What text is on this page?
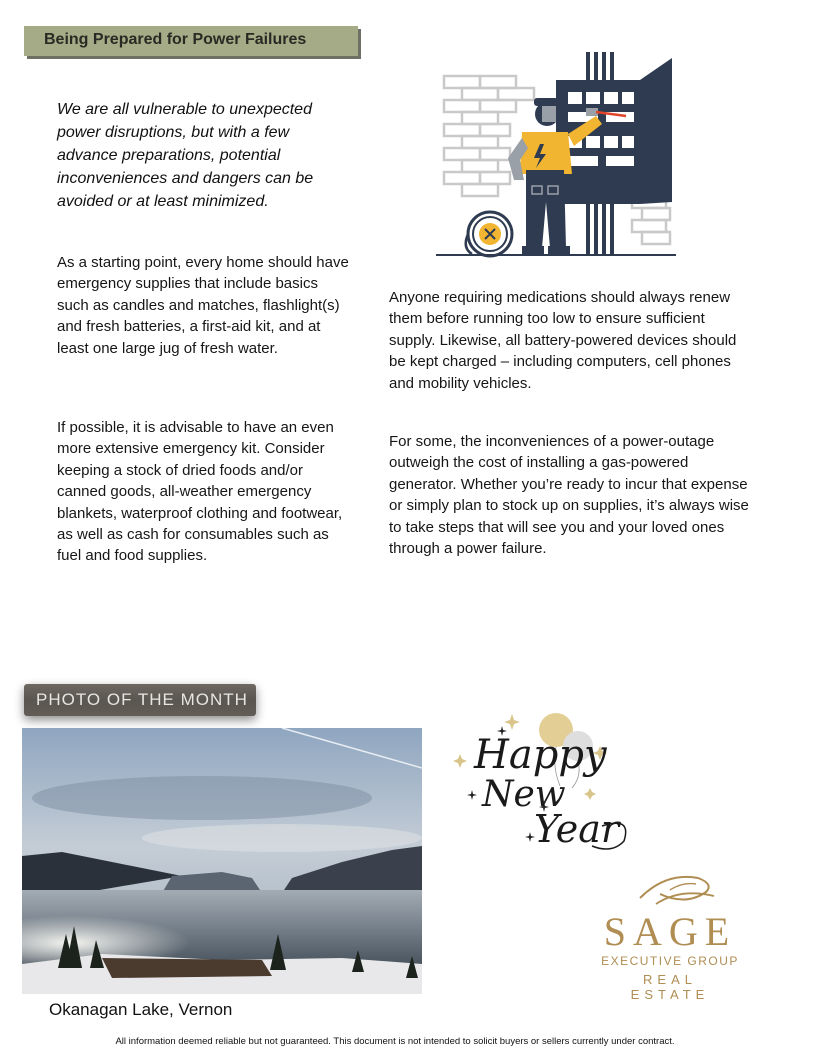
Being Prepared for Power Failures

We are all vulnerable to unexpected power disruptions, but with a few advance preparations, potential inconveniences and dangers can be avoided or at least minimized.

As a starting point, every home should have emergency supplies that include basics such as candles and matches, flashlight(s) and fresh batteries, a first-aid kit, and at least one large jug of fresh water.

If possible, it is advisable to have an even more extensive emergency kit. Consider keeping a stock of dried foods and/or canned goods, all-weather emergency blankets, waterproof clothing and footwear, as well as cash for consumables such as fuel and food supplies.

Anyone requiring medications should always renew them before running too low to ensure sufficient supply. Likewise, all battery-powered devices should be kept charged – including computers, cell phones and mobility vehicles.

For some, the inconveniences of a power-outage outweigh the cost of installing a gas-powered generator. Whether you’re ready to incur that expense or simply plan to stock up on supplies, it’s always wise to take steps that will see you and your loved ones through a power failure.

PHOTO OF THE MONTH
Okanagan Lake, Vernon
Happy
New
Year
SAGE
EXECUTIVE GROUP
REAL ESTATE
All information deemed reliable but not guaranteed. This document is not intended to solicit buyers or sellers currently under contract.
